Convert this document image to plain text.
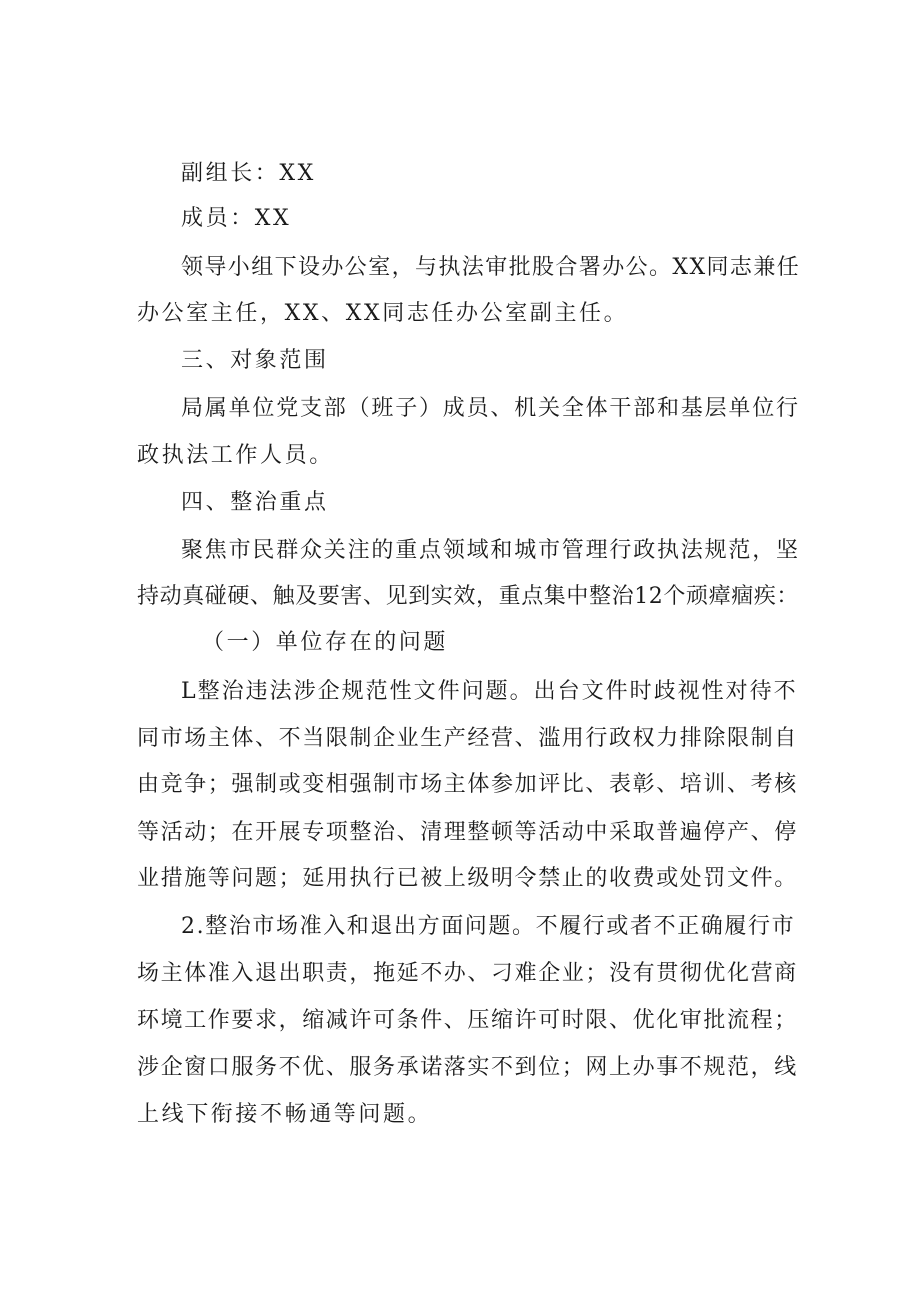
副组长：XX
成员：XX
领导小组下设办公室，与执法审批股合署办公。XX同志兼任
办公室主任，XX、XX同志任办公室副主任。
三、对象范围
局属单位党支部（班子）成员、机关全体干部和基层单位行
政执法工作人员。
四、整治重点
聚焦市民群众关注的重点领域和城市管理行政执法规范，坚
持动真碰硬、触及要害、见到实效，重点集中整治12个顽瘴痼疾：
（一）单位存在的问题
L整治违法涉企规范性文件问题。出台文件时歧视性对待不
同市场主体、不当限制企业生产经营、滥用行政权力排除限制自
由竞争；强制或变相强制市场主体参加评比、表彰、培训、考核
等活动；在开展专项整治、清理整顿等活动中采取普遍停产、停
业措施等问题；延用执行已被上级明令禁止的收费或处罚文件。
2.整治市场准入和退出方面问题。不履行或者不正确履行市
场主体准入退出职责，拖延不办、刁难企业；没有贯彻优化营商
环境工作要求，缩减许可条件、压缩许可时限、优化审批流程；
涉企窗口服务不优、服务承诺落实不到位；网上办事不规范，线
上线下衔接不畅通等问题。
